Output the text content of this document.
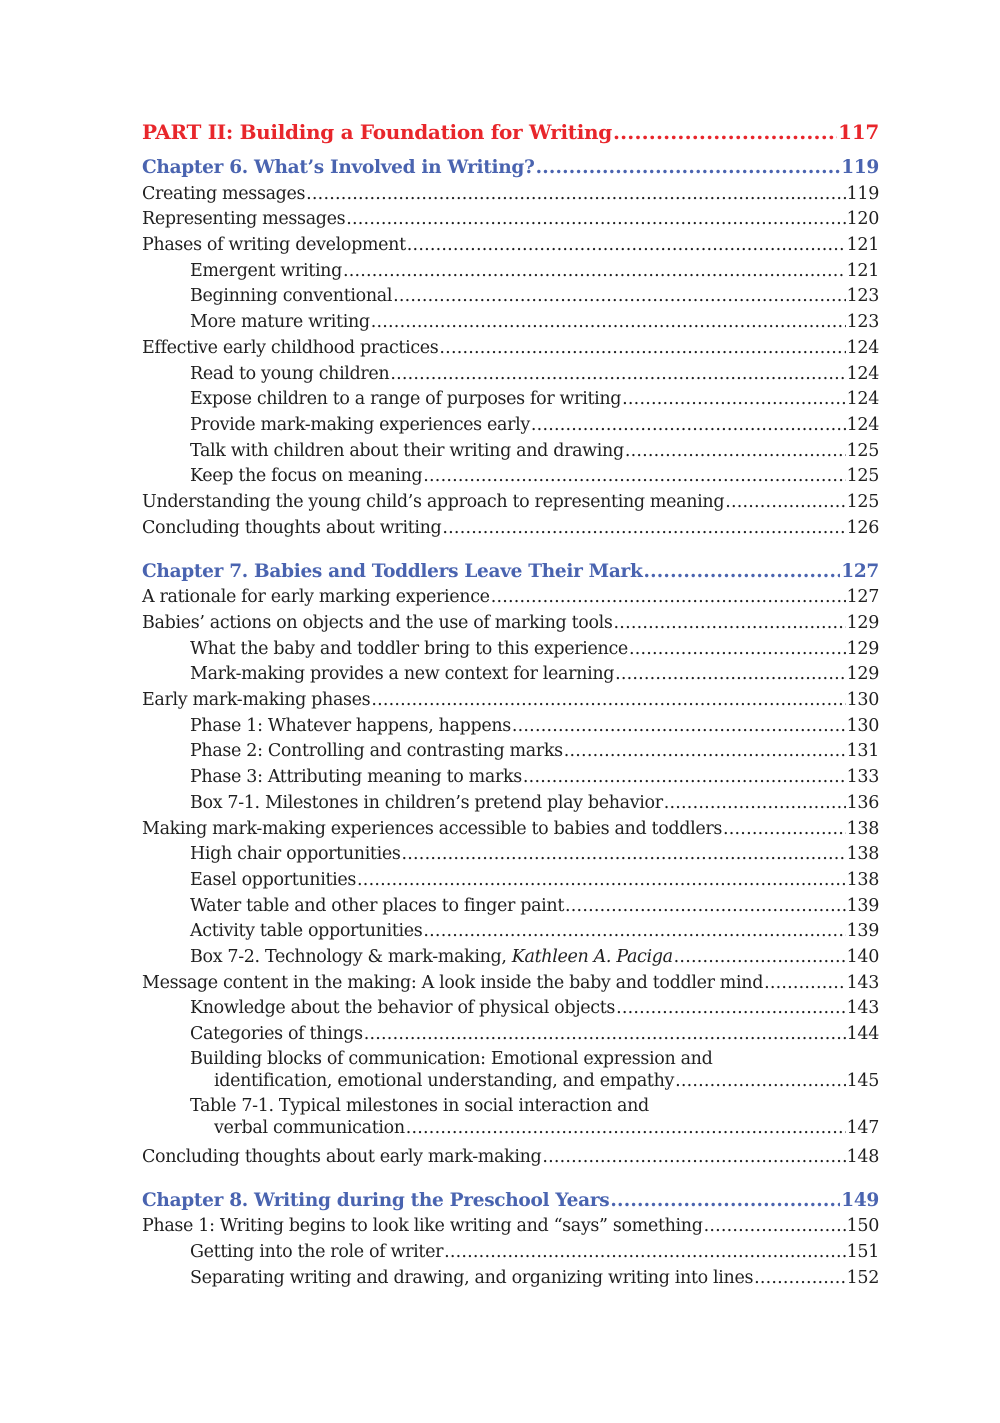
PART II: Building a Foundation for Writing .....	117
Chapter 6. What’s Involved in Writing? .....	119
Creating messages .....	119
Representing messages .....	120
Phases of writing development .....	121
Emergent writing .....	121
Beginning conventional .....	123
More mature writing .....	123
Effective early childhood practices .....	124
Read to young children .....	124
Expose children to a range of purposes for writing .....	124
Provide mark-making experiences early .....	124
Talk with children about their writing and drawing .....	125
Keep the focus on meaning .....	125
Understanding the young child’s approach to representing meaning .....	125
Concluding thoughts about writing .....	126
Chapter 7. Babies and Toddlers Leave Their Mark .....	127
A rationale for early marking experience .....	127
Babies’ actions on objects and the use of marking tools .....	129
What the baby and toddler bring to this experience .....	129
Mark-making provides a new context for learning .....	129
Early mark-making phases .....	130
Phase 1: Whatever happens, happens .....	130
Phase 2: Controlling and contrasting marks .....	131
Phase 3: Attributing meaning to marks .....	133
Box 7-1. Milestones in children’s pretend play behavior .....	136
Making mark-making experiences accessible to babies and toddlers .....	138
High chair opportunities .....	138
Easel opportunities .....	138
Water table and other places to finger paint .....	139
Activity table opportunities .....	139
Box 7-2. Technology & mark-making, Kathleen A. Paciga .....	140
Message content in the making: A look inside the baby and toddler mind .....	143
Knowledge about the behavior of physical objects .....	143
Categories of things .....	144
Building blocks of communication: Emotional expression and
identification, emotional understanding, and empathy .....	145
Table 7-1. Typical milestones in social interaction and
verbal communication .....	147
Concluding thoughts about early mark-making .....	148
Chapter 8. Writing during the Preschool Years .....	149
Phase 1: Writing begins to look like writing and “says” something .....	150
Getting into the role of writer .....	151
Separating writing and drawing, and organizing writing into lines .....	152
